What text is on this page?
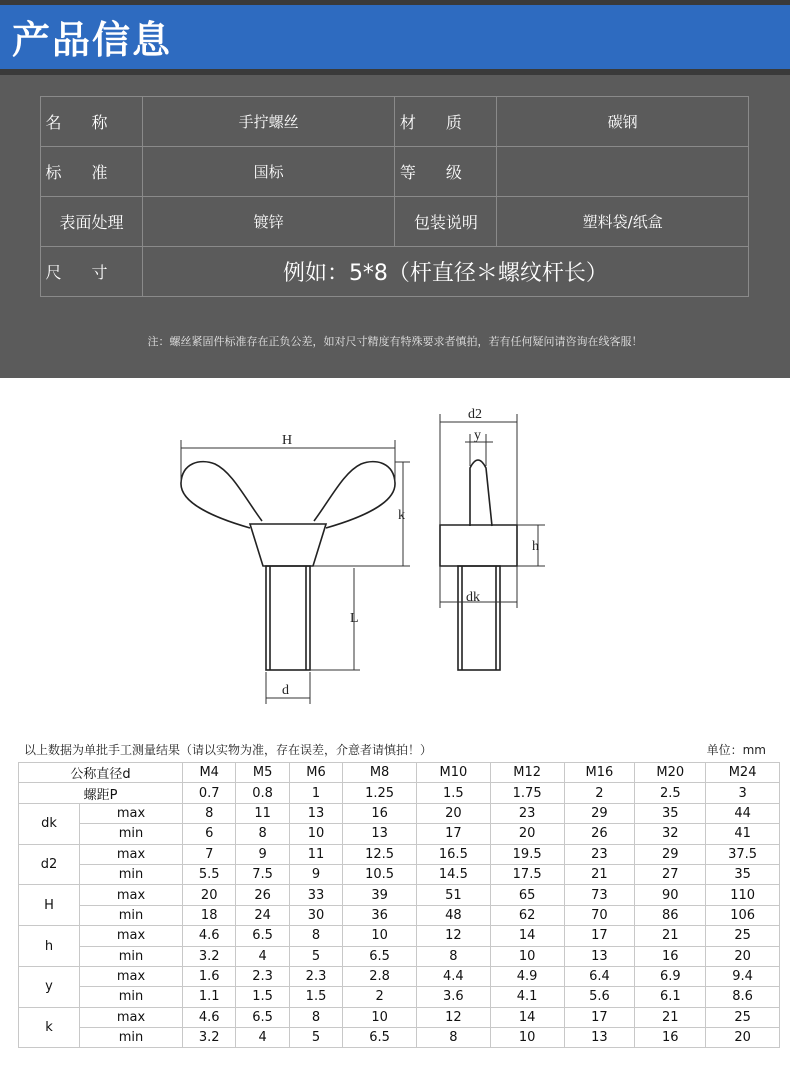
产品信息
名称	手拧螺丝	材质	碳钢
标准	国标	等级	
表面处理	镀锌	包装说明	塑料袋/纸盒
尺寸	例如：5*8（杆直径＊螺纹杆长）		
注：螺丝紧固件标准存在正负公差，如对尺寸精度有特殊要求者慎拍，若有任何疑问请咨询在线客服！
H
k
L
d
d2
y
h
dk
以上数据为单批手工测量结果（请以实物为准，存在误差，介意者请慎拍！）	单位：mm
公称直径d		M4	M5	M6	M8	M10	M12	M16	M20	M24
螺距P		0.7	0.8	1	1.25	1.5	1.75	2	2.5	3
dk	max	8	11	13	16	20	23	29	35	44
	min	6	8	10	13	17	20	26	32	41
d2	max	7	9	11	12.5	16.5	19.5	23	29	37.5
	min	5.5	7.5	9	10.5	14.5	17.5	21	27	35
H	max	20	26	33	39	51	65	73	90	110
	min	18	24	30	36	48	62	70	86	106
h	max	4.6	6.5	8	10	12	14	17	21	25
	min	3.2	4	5	6.5	8	10	13	16	20
y	max	1.6	2.3	2.3	2.8	4.4	4.9	6.4	6.9	9.4
	min	1.1	1.5	1.5	2	3.6	4.1	5.6	6.1	8.6
k	max	4.6	6.5	8	10	12	14	17	21	25
	min	3.2	4	5	6.5	8	10	13	16	20
